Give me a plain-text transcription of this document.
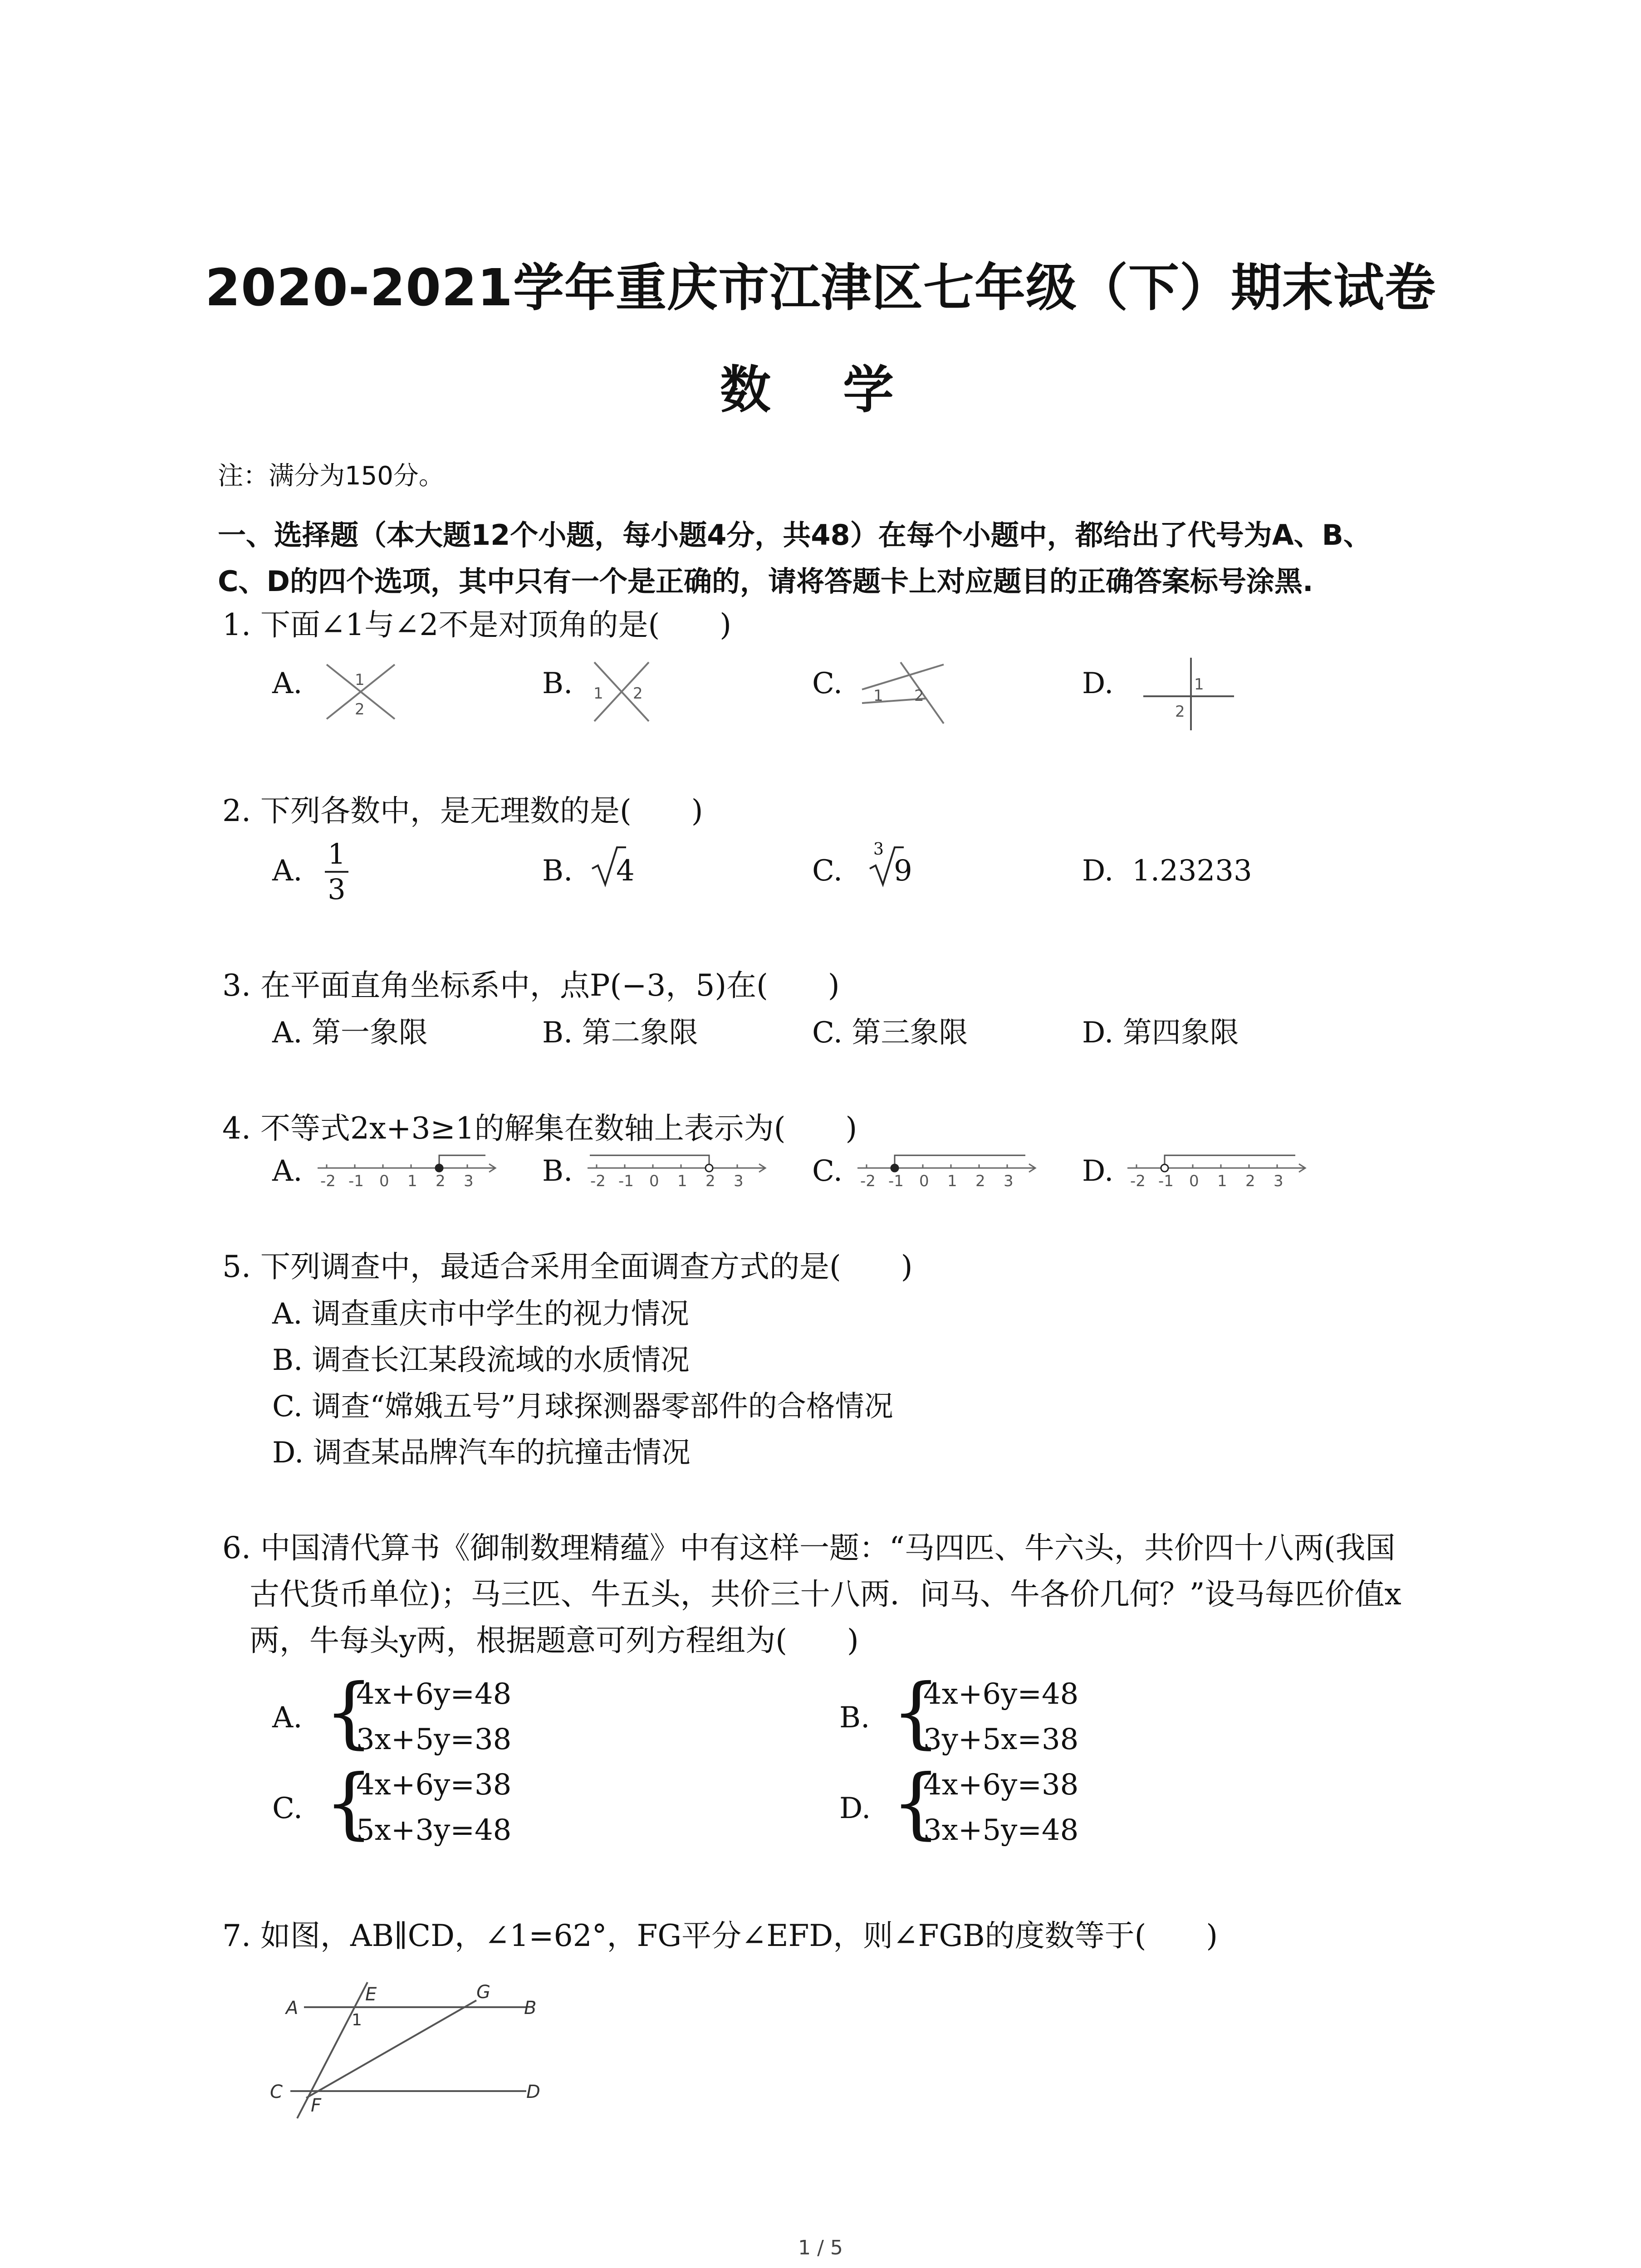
2020-2021学年重庆市江津区七年级（下）期末试卷
数 学
注：满分为150分。
一、选择题（本大题12个小题，每小题4分，共48）在每个小题中，都给出了代号为A、B、
C、D的四个选项，其中只有一个是正确的，请将答题卡上对应题目的正确答案标号涂黑.
1. 下面∠1与∠2不是对顶角的是(　　)
A.	B.	C.	D.
1
2
1 2	1 2
1
2
2. 下列各数中，是无理数的是(　　)
A.
1
3
B. 4	C.
3
9	D. 1.23233
3. 在平面直角坐标系中，点P(−3，5)在(　　)
A. 第一象限	B. 第二象限	C. 第三象限	D. 第四象限
4. 不等式2x+3≥1的解集在数轴上表示为(　　)
A.	B.	C.	D.
-2 -1 0 1 2 3	-2 -1 0 1 2 3	-2 -1 0 1 2 3	-2 -1 0 1 2 3
5. 下列调查中，最适合采用全面调查方式的是(　　)
A. 调查重庆市中学生的视力情况
B. 调查长江某段流域的水质情况
C. 调查“嫦娥五号”月球探测器零部件的合格情况
D. 调查某品牌汽车的抗撞击情况
6. 中国清代算书《御制数理精蕴》中有这样一题：“马四匹、牛六头，共价四十八两(我国
古代货币单位)；马三匹、牛五头，共价三十八两．问马、牛各价几何？”设马每匹价值x
两，牛每头y两，根据题意可列方程组为(　　)
A. {
4x+6y=48
3x+5y=38
B. {
4x+6y=48
3y+5x=38
C. {
4x+6y=38
5x+3y=48
D. {
4x+6y=38
3x+5y=48
7. 如图，AB∥CD，∠1=62°，FG平分∠EFD，则∠FGB的度数等于(　　)
A
E	G
B
1
C
F
D
1 / 5
